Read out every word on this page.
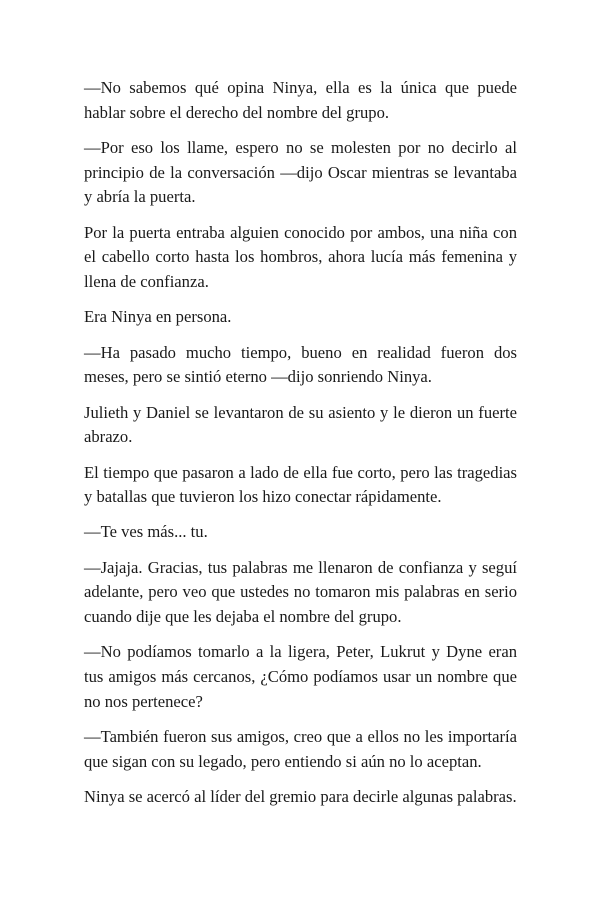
—No sabemos qué opina Ninya, ella es la única que puede hablar sobre el derecho del nombre del grupo.

—Por eso los llame, espero no se molesten por no decirlo al principio de la conversación —dijo Oscar mientras se levantaba y abría la puerta.

Por la puerta entraba alguien conocido por ambos, una niña con el cabello corto hasta los hombros, ahora lucía más femenina y llena de confianza.

Era Ninya en persona.

—Ha pasado mucho tiempo, bueno en realidad fueron dos meses, pero se sintió eterno —dijo sonriendo Ninya.

Julieth y Daniel se levantaron de su asiento y le dieron un fuerte abrazo.

El tiempo que pasaron a lado de ella fue corto, pero las tragedias y batallas que tuvieron los hizo conectar rápidamente.

—Te ves más... tu.

—Jajaja. Gracias, tus palabras me llenaron de confianza y seguí adelante, pero veo que ustedes no tomaron mis palabras en serio cuando dije que les dejaba el nombre del grupo.

—No podíamos tomarlo a la ligera, Peter, Lukrut y Dyne eran tus amigos más cercanos, ¿Cómo podíamos usar un nombre que no nos pertenece?

—También fueron sus amigos, creo que a ellos no les importaría que sigan con su legado, pero entiendo si aún no lo aceptan.

Ninya se acercó al líder del gremio para decirle algunas palabras.
